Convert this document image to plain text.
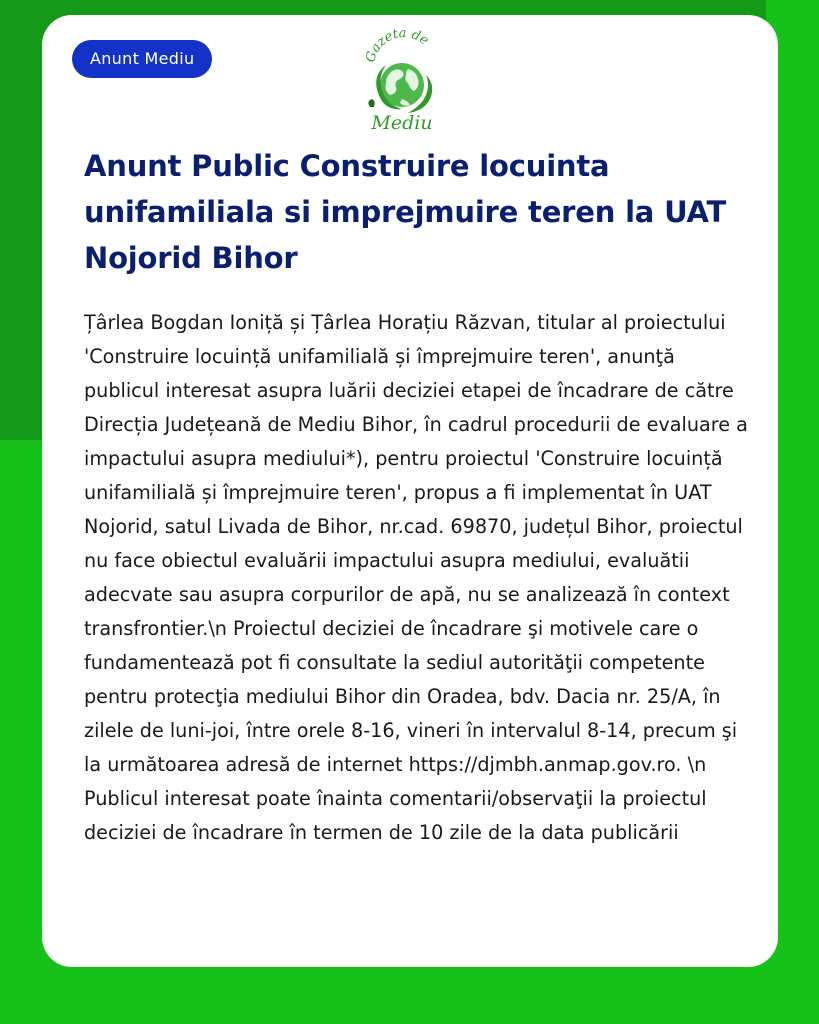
Anunt Mediu	Gazeta de
Mediu
Anunt Public Construire locuinta unifamiliala si imprejmuire teren la UAT Nojorid Bihor

Țârlea Bogdan Ioniță și Țârlea Horațiu Răzvan, titular al proiectului 'Construire locuință unifamilială și împrejmuire teren', anunţă publicul interesat asupra luării deciziei etapei de încadrare de către Direcția Județeană de Mediu Bihor, în cadrul procedurii de evaluare a impactului asupra mediului*), pentru proiectul 'Construire locuință unifamilială și împrejmuire teren', propus a fi implementat în UAT Nojorid, satul Livada de Bihor, nr.cad. 69870, județul Bihor, proiectul nu face obiectul evaluării impactului asupra mediului, evaluătii adecvate sau asupra corpurilor de apă, nu se analizează în context transfrontier.\n Proiectul deciziei de încadrare şi motivele care o fundamentează pot fi consultate la sediul autorităţii competente pentru protecţia mediului Bihor din Oradea, bdv. Dacia nr. 25/A, în zilele de luni-joi, între orele 8-16, vineri în intervalul 8-14, precum şi la următoarea adresă de internet https://djmbh.anmap.gov.ro. \n Publicul interesat poate înainta comentarii/observaţii la proiectul deciziei de încadrare în termen de 10 zile de la data publicării
